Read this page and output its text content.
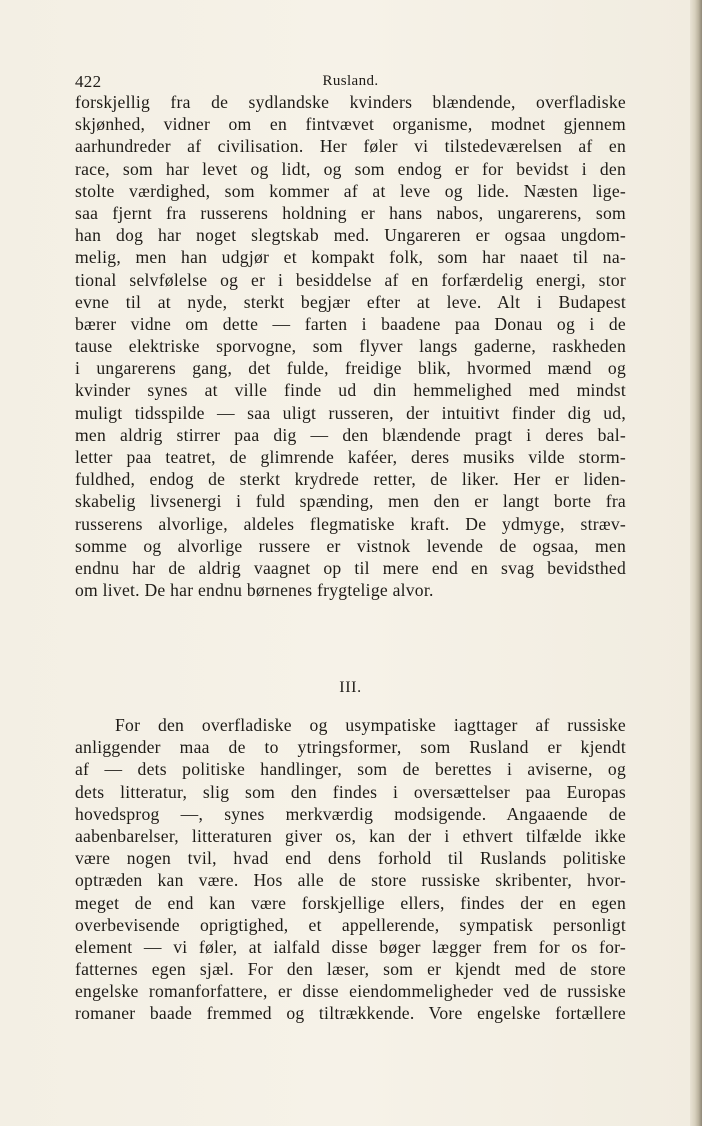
422	Rusland.
forskjellig fra de sydlandske kvinders blændende, overfladiske
skjønhed, vidner om en fintvævet organisme, modnet gjennem
aarhundreder af civilisation. Her føler vi tilstedeværelsen af en
race, som har levet og lidt, og som endog er for bevidst i den
stolte værdighed, som kommer af at leve og lide. Næsten lige-
saa fjernt fra russerens holdning er hans nabos, ungarerens, som
han dog har noget slegtskab med. Ungareren er ogsaa ungdom-
melig, men han udgjør et kompakt folk, som har naaet til na-
tional selvfølelse og er i besiddelse af en forfærdelig energi, stor
evne til at nyde, sterkt begjær efter at leve. Alt i Budapest
bærer vidne om dette — farten i baadene paa Donau og i de
tause elektriske sporvogne, som flyver langs gaderne, raskheden
i ungarerens gang, det fulde, freidige blik, hvormed mænd og
kvinder synes at ville finde ud din hemmelighed med mindst
muligt tidsspilde — saa uligt russeren, der intuitivt finder dig ud,
men aldrig stirrer paa dig — den blændende pragt i deres bal-
letter paa teatret, de glimrende kaféer, deres musiks vilde storm-
fuldhed, endog de sterkt krydrede retter, de liker. Her er liden-
skabelig livsenergi i fuld spænding, men den er langt borte fra
russerens alvorlige, aldeles flegmatiske kraft. De ydmyge, stræv-
somme og alvorlige russere er vistnok levende de ogsaa, men
endnu har de aldrig vaagnet op til mere end en svag bevidsthed
om livet. De har endnu børnenes frygtelige alvor.
III.
For den overfladiske og usympatiske iagttager af russiske
anliggender maa de to ytringsformer, som Rusland er kjendt
af — dets politiske handlinger, som de berettes i aviserne, og
dets litteratur, slig som den findes i oversættelser paa Europas
hovedsprog —, synes merkværdig modsigende. Angaaende de
aabenbarelser, litteraturen giver os, kan der i ethvert tilfælde ikke
være nogen tvil, hvad end dens forhold til Ruslands politiske
optræden kan være. Hos alle de store russiske skribenter, hvor-
meget de end kan være forskjellige ellers, findes der en egen
overbevisende oprigtighed, et appellerende, sympatisk personligt
element — vi føler, at ialfald disse bøger lægger frem for os for-
fatternes egen sjæl. For den læser, som er kjendt med de store
engelske romanforfattere, er disse eiendommeligheder ved de russiske
romaner baade fremmed og tiltrækkende. Vore engelske fortællere
